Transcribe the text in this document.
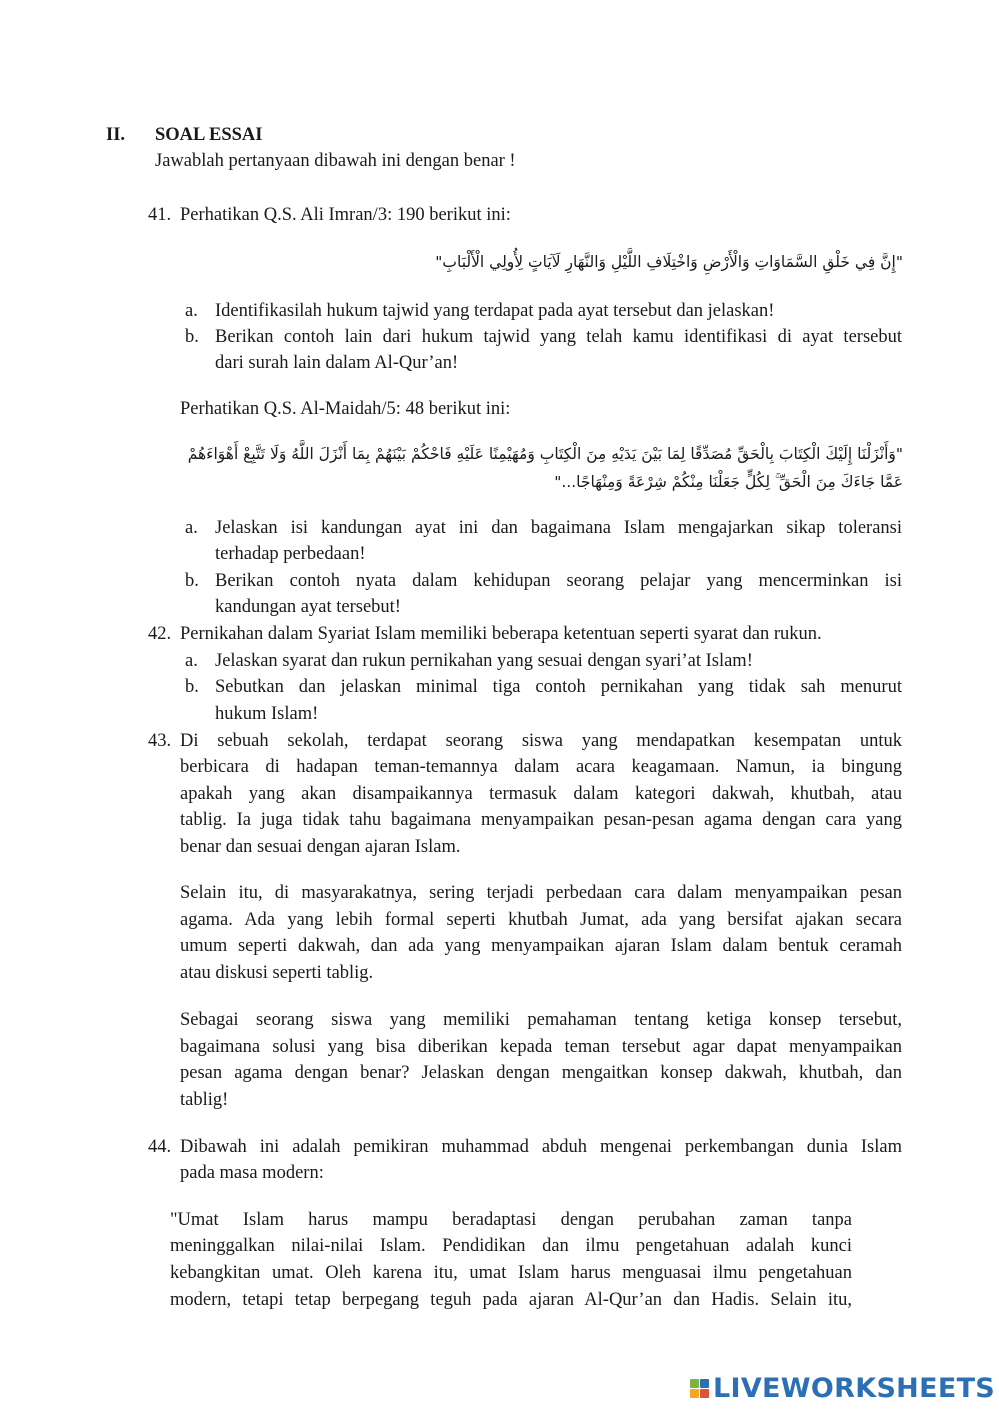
II. SOAL ESSAI
Jawablah pertanyaan dibawah ini dengan benar !
41. Perhatikan Q.S. Ali Imran/3: 190 berikut ini:
"إِنَّ فِي خَلْقِ السَّمَاوَاتِ وَالْأَرْضِ وَاخْتِلَافِ اللَّيْلِ وَالنَّهَارِ لَآيَاتٍ لِأُولِي الْأَلْبَابِ"
a. Identifikasilah hukum tajwid yang terdapat pada ayat tersebut dan jelaskan!
b. Berikan contoh lain dari hukum tajwid yang telah kamu identifikasi di ayat tersebut
dari surah lain dalam Al-Qur’an!
Perhatikan Q.S. Al-Maidah/5: 48 berikut ini:
"وَأَنْزَلْنَا إِلَيْكَ الْكِتَابَ بِالْحَقِّ مُصَدِّقًا لِمَا بَيْنَ يَدَيْهِ مِنَ الْكِتَابِ وَمُهَيْمِنًا عَلَيْهِ فَاحْكُمْ بَيْنَهُمْ بِمَا أَنْزَلَ اللَّهُ وَلَا تَتَّبِعْ أَهْوَاءَهُمْ
عَمَّا جَاءَكَ مِنَ الْحَقِّ ۚ لِكُلٍّ جَعَلْنَا مِنْكُمْ شِرْعَةً وَمِنْهَاجًا..."
a. Jelaskan isi kandungan ayat ini dan bagaimana Islam mengajarkan sikap toleransi
terhadap perbedaan!
b. Berikan contoh nyata dalam kehidupan seorang pelajar yang mencerminkan isi
kandungan ayat tersebut!
42. Pernikahan dalam Syariat Islam memiliki beberapa ketentuan seperti syarat dan rukun.
a. Jelaskan syarat dan rukun pernikahan yang sesuai dengan syari’at Islam!
b. Sebutkan dan jelaskan minimal tiga contoh pernikahan yang tidak sah menurut
hukum Islam!
43. Di sebuah sekolah, terdapat seorang siswa yang mendapatkan kesempatan untuk
berbicara di hadapan teman-temannya dalam acara keagamaan. Namun, ia bingung
apakah yang akan disampaikannya termasuk dalam kategori dakwah, khutbah, atau
tablig. Ia juga tidak tahu bagaimana menyampaikan pesan-pesan agama dengan cara yang
benar dan sesuai dengan ajaran Islam.
Selain itu, di masyarakatnya, sering terjadi perbedaan cara dalam menyampaikan pesan
agama. Ada yang lebih formal seperti khutbah Jumat, ada yang bersifat ajakan secara
umum seperti dakwah, dan ada yang menyampaikan ajaran Islam dalam bentuk ceramah
atau diskusi seperti tablig.
Sebagai seorang siswa yang memiliki pemahaman tentang ketiga konsep tersebut,
bagaimana solusi yang bisa diberikan kepada teman tersebut agar dapat menyampaikan
pesan agama dengan benar? Jelaskan dengan mengaitkan konsep dakwah, khutbah, dan
tablig!
44. Dibawah ini adalah pemikiran muhammad abduh mengenai perkembangan dunia Islam
pada masa modern:
"Umat Islam harus mampu beradaptasi dengan perubahan zaman tanpa
meninggalkan nilai-nilai Islam. Pendidikan dan ilmu pengetahuan adalah kunci
kebangkitan umat. Oleh karena itu, umat Islam harus menguasai ilmu pengetahuan
modern, tetapi tetap berpegang teguh pada ajaran Al-Qur’an dan Hadis. Selain itu,
LIVEWORKSHEETS
